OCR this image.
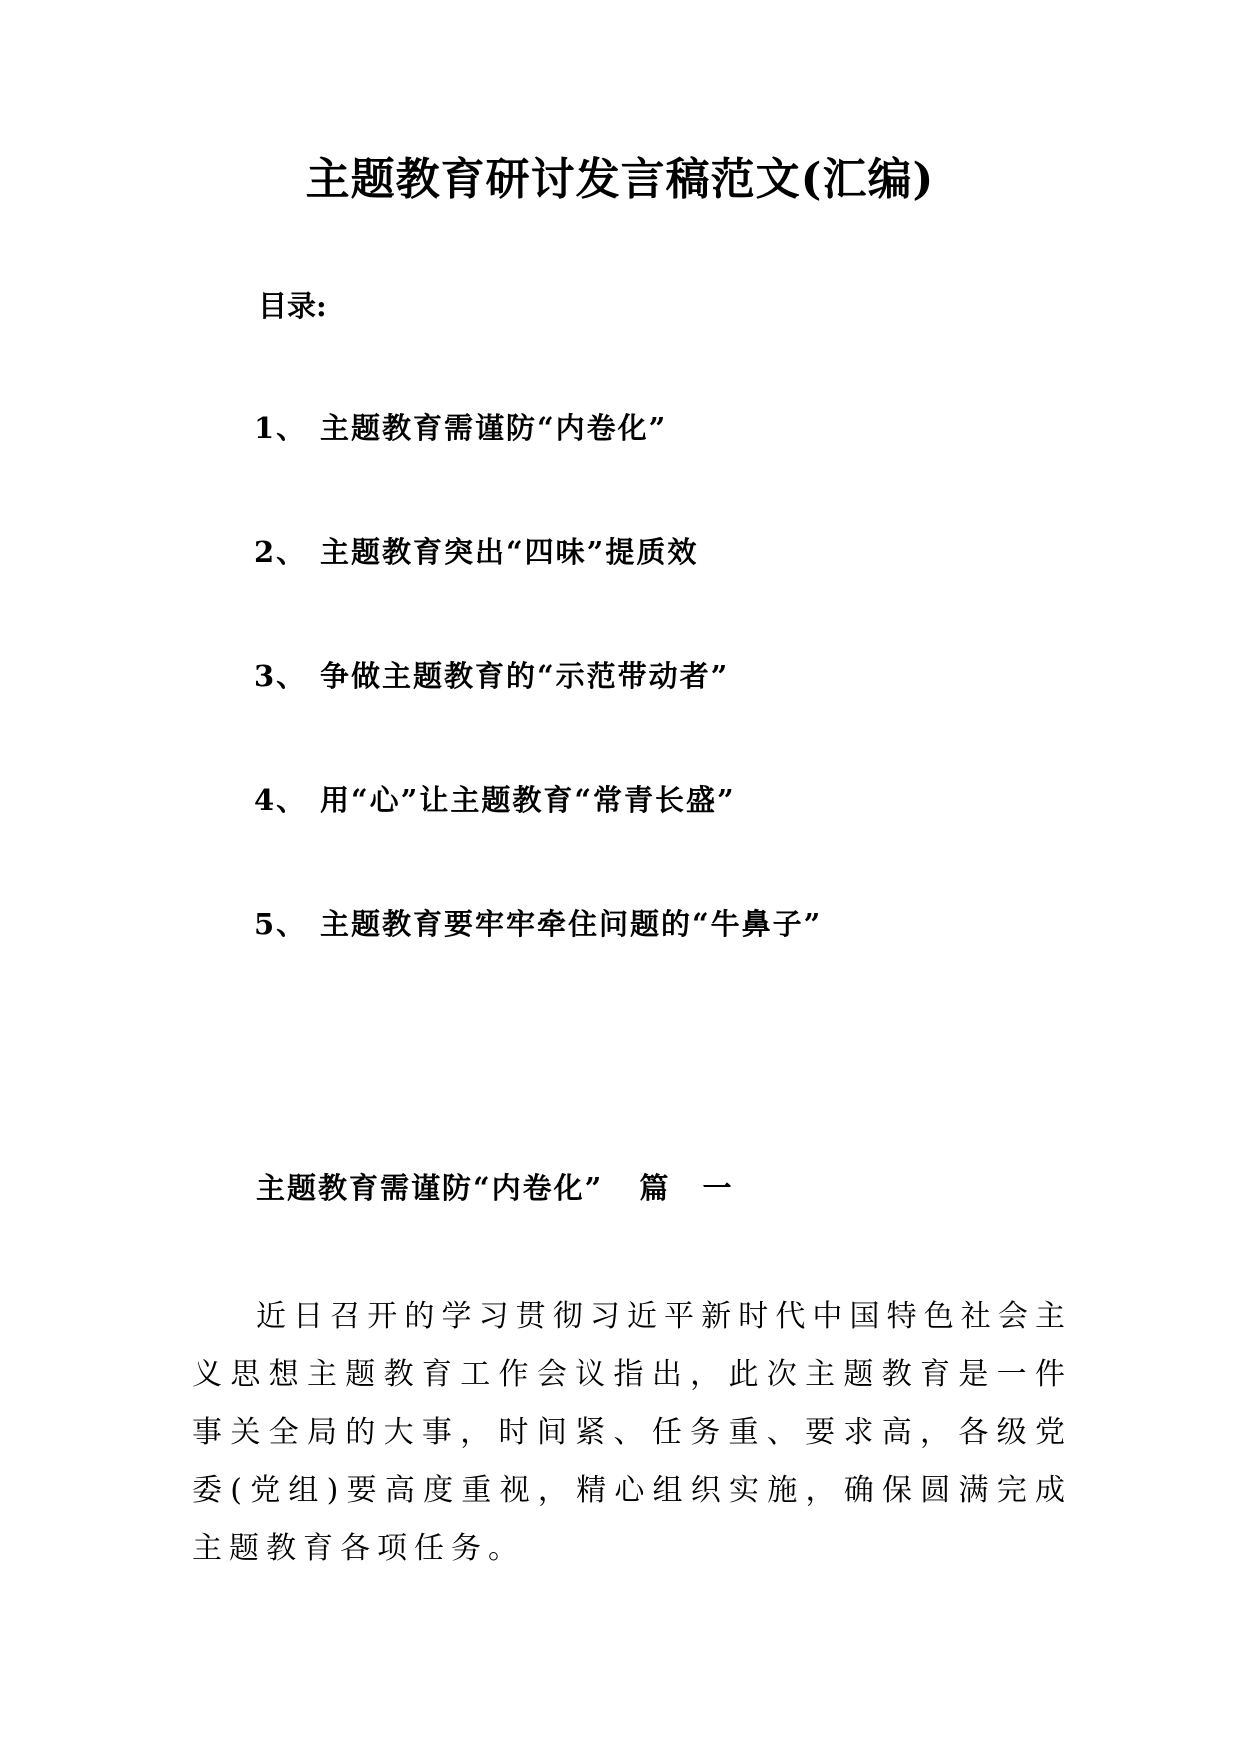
主题教育研讨发言稿范文(汇编)
目录:
1、 主题教育需谨防“内卷化”
2、 主题教育突出“四味”提质效
3、 争做主题教育的“示范带动者”
4、 用“心”让主题教育“常青长盛”
5、 主题教育要牢牢牵住问题的“牛鼻子”
主题教育需谨防“内卷化” 篇 一

近日召开的学习贯彻习近平新时代中国特色社会主义思想主题教育工作会议指出，此次主题教育是一件事关全局的大事，时间紧、任务重、要求高，各级党委(党组)要高度重视，精心组织实施，确保圆满完成主题教育各项任务。
